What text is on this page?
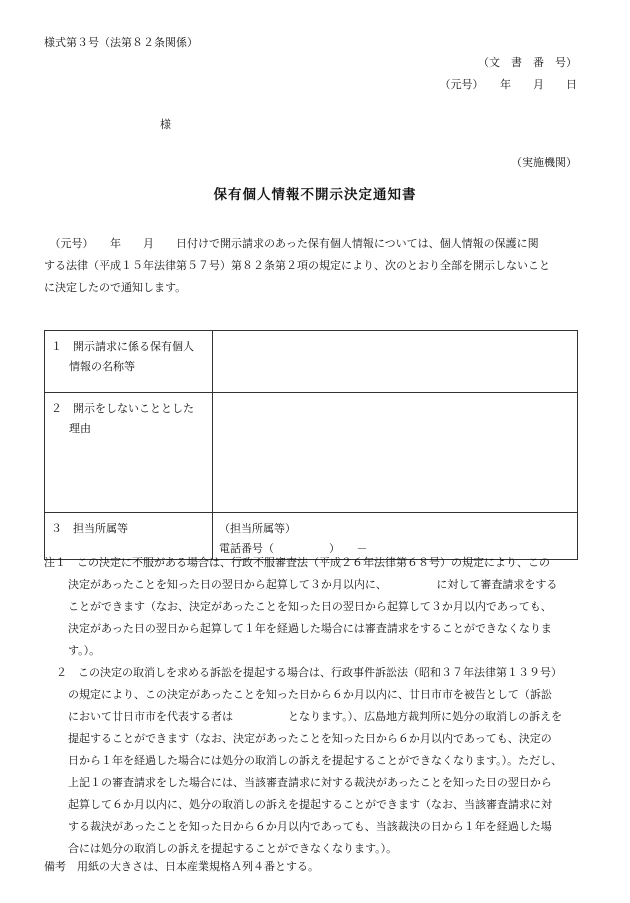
様式第３号（法第８２条関係）
（文　書　番　号）
（元号）　　年　　月　　日
様
（実施機関）
保有個人情報不開示決定通知書
　（元号）　　年　　月　　日付けで開示請求のあった保有個人情報については、個人情報の保護に関
する法律（平成１５年法律第５７号）第８２条第２項の規定により、次のとおり全部を開示しないこと
に決定したので通知します。
１　開示請求に係る保有個人
情報の名称等	

２　開示をしないこととした
理由	

３　担当所属等	（担当所属等）
電話番号（　　　　　）　　－
注１　この決定に不服がある場合は、行政不服審査法（平成２６年法律第６８号）の規定により、この
決定があったことを知った日の翌日から起算して３か月以内に、　　　　　に対して審査請求をする
ことができます（なお、決定があったことを知った日の翌日から起算して３か月以内であっても、
決定があった日の翌日から起算して１年を経過した場合には審査請求をすることができなくなりま
す。）。
２　この決定の取消しを求める訴訟を提起する場合は、行政事件訴訟法（昭和３７年法律第１３９号）
の規定により、この決定があったことを知った日から６か月以内に、廿日市市を被告として（訴訟
において廿日市市を代表する者は　　　　　となります。）、広島地方裁判所に処分の取消しの訴えを
提起することができます（なお、決定があったことを知った日から６か月以内であっても、決定の
日から１年を経過した場合には処分の取消しの訴えを提起することができなくなります。）。ただし、
上記１の審査請求をした場合には、当該審査請求に対する裁決があったことを知った日の翌日から
起算して６か月以内に、処分の取消しの訴えを提起することができます（なお、当該審査請求に対
する裁決があったことを知った日から６か月以内であっても、当該裁決の日から１年を経過した場
合には処分の取消しの訴えを提起することができなくなります。）。
備考　用紙の大きさは、日本産業規格Ａ列４番とする。
